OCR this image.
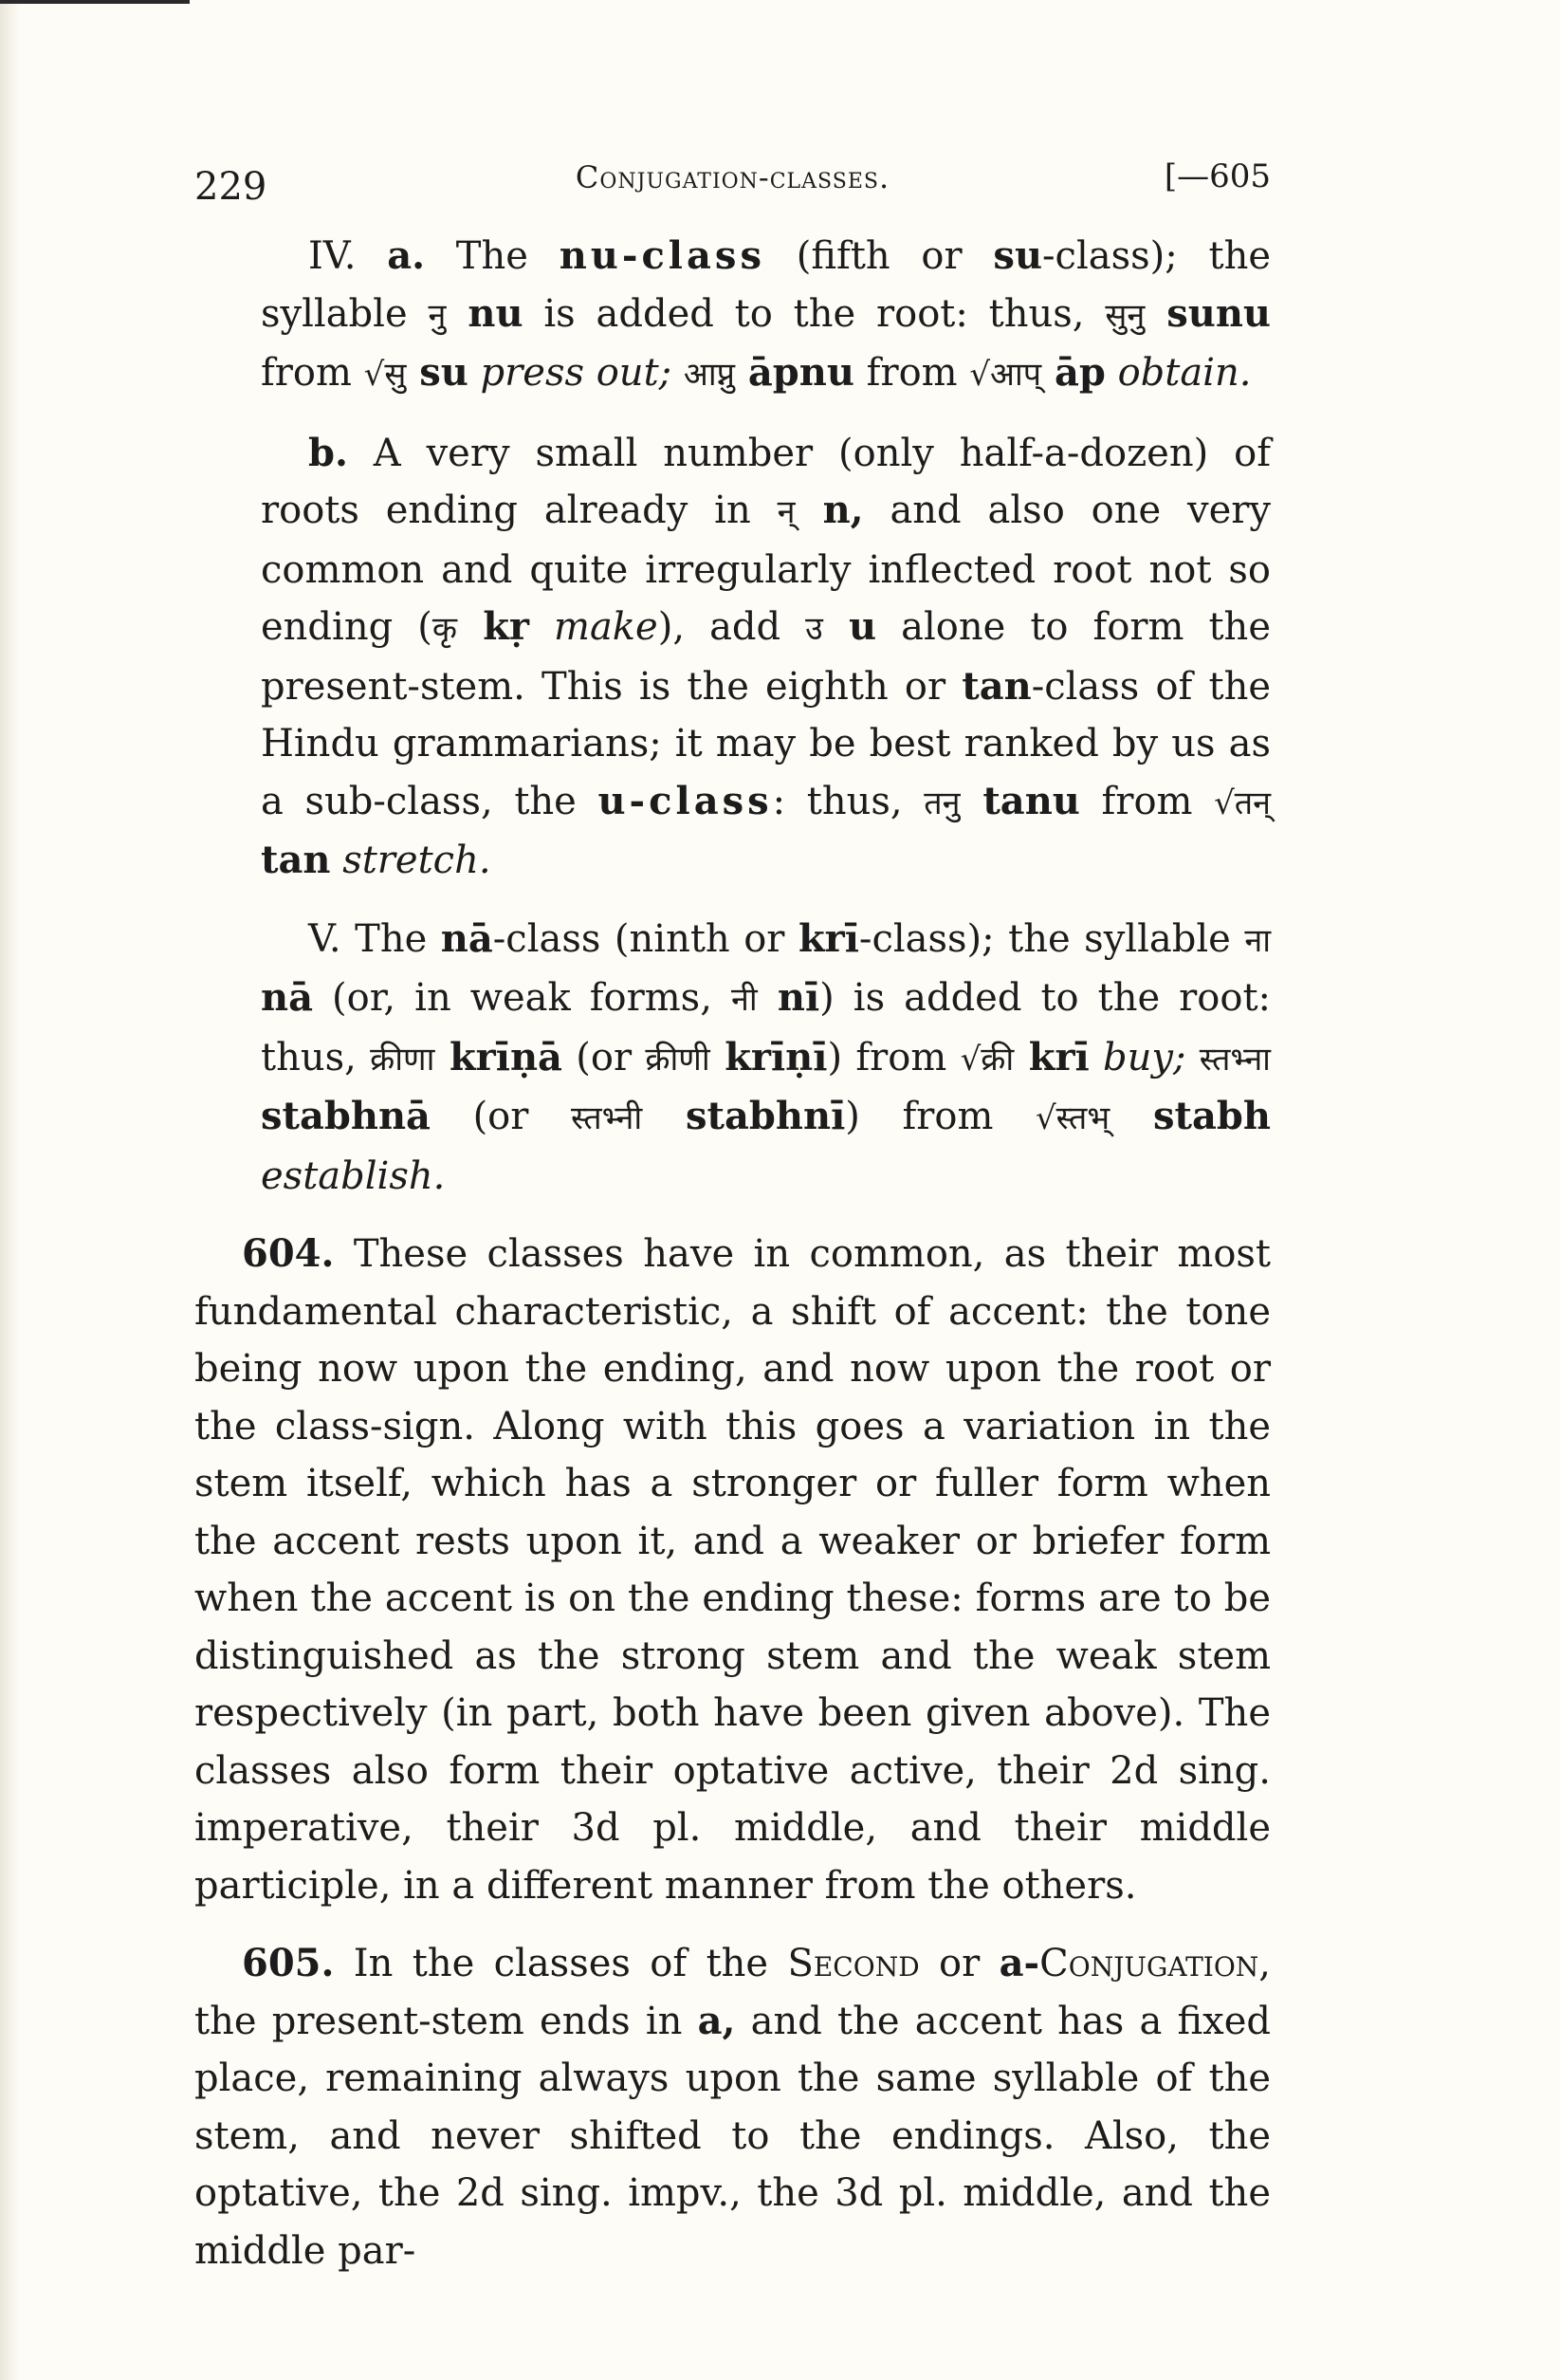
229	Conjugation-classes.	[—605

IV. a. The nu-class (fifth or su-class); the syllable नु nu is added to the root: thus, सुनु sunu from √सु su press out; आप्नु āpnu from √आप् āp obtain.

b. A very small number (only half-a-dozen) of roots ending already in न् n, and also one very common and quite irregularly inflected root not so ending (कृ kṛ make), add उ u alone to form the present-stem. This is the eighth or tan-class of the Hindu grammarians; it may be best ranked by us as a sub-class, the u-class: thus, तनु tanu from √तन् tan stretch.

V. The nā-class (ninth or krī-class); the syllable ना nā (or, in weak forms, नी nī) is added to the root: thus, क्रीणा krīṇā (or क्रीणी krīṇī) from √क्री krī buy; स्तभ्ना stabhnā (or स्तभ्नी stabhnī) from √स्तभ् stabh establish.

604. These classes have in common, as their most fundamental characteristic, a shift of accent: the tone being now upon the ending, and now upon the root or the class-sign. Along with this goes a variation in the stem itself, which has a stronger or fuller form when the accent rests upon it, and a weaker or briefer form when the accent is on the ending these: forms are to be distinguished as the strong stem and the weak stem respectively (in part, both have been given above). The classes also form their optative active, their 2d sing. imperative, their 3d pl. middle, and their middle participle, in a different manner from the others.

605. In the classes of the Second or a-Conjugation, the present-stem ends in a, and the accent has a fixed place, remaining always upon the same syllable of the stem, and never shifted to the endings. Also, the optative, the 2d sing. impv., the 3d pl. middle, and the middle par-
